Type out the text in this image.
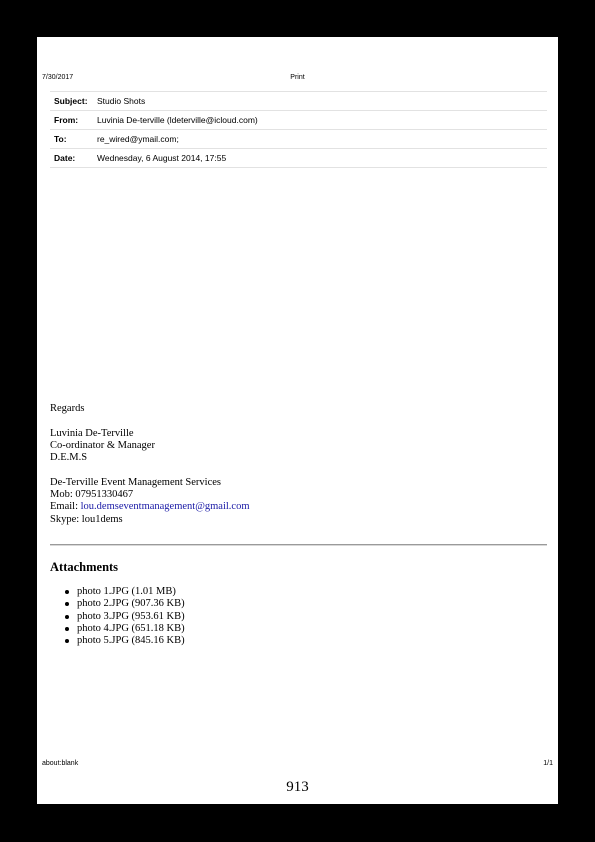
7/30/2017	Print
Subject:	Studio Shots
From:	Luvinia De-terville (ldeterville@icloud.com)
To:	re_wired@ymail.com;
Date:	Wednesday, 6 August 2014, 17:55
Regards
Luvinia De-Terville
Co-ordinator & Manager
D.E.M.S
De-Terville Event Management Services
Mob: 07951330467
Email: lou.demseventmanagement@gmail.com
Skype: lou1dems
Attachments
photo 1.JPG (1.01 MB)
photo 2.JPG (907.36 KB)
photo 3.JPG (953.61 KB)
photo 4.JPG (651.18 KB)
photo 5.JPG (845.16 KB)
about:blank	1/1
913
